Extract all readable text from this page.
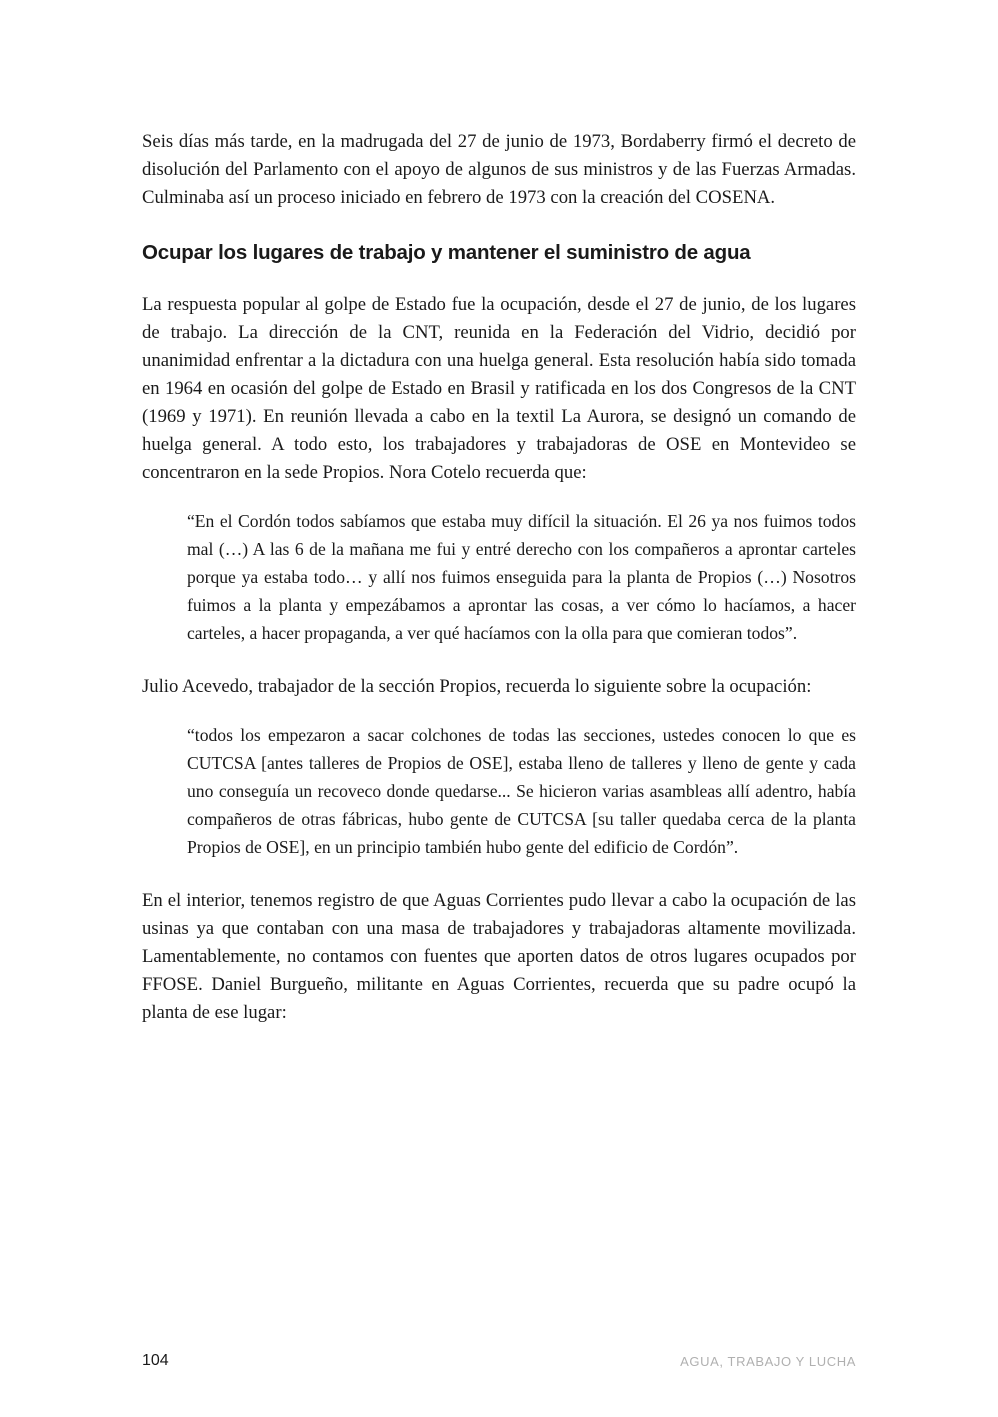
Seis días más tarde, en la madrugada del 27 de junio de 1973, Bordaberry firmó el decreto de disolución del Parlamento con el apoyo de algunos de sus ministros y de las Fuerzas Armadas. Culminaba así un proceso iniciado en febrero de 1973 con la creación del COSENA.

Ocupar los lugares de trabajo y mantener el suministro de agua

La respuesta popular al golpe de Estado fue la ocupación, desde el 27 de junio, de los lugares de trabajo. La dirección de la CNT, reunida en la Federación del Vidrio, decidió por unanimidad enfrentar a la dictadura con una huelga general. Esta resolución había sido tomada en 1964 en ocasión del golpe de Estado en Brasil y ratificada en los dos Congresos de la CNT (1969 y 1971). En reunión llevada a cabo en la textil La Aurora, se designó un comando de huelga general. A todo esto, los trabajadores y trabajadoras de OSE en Montevideo se concentraron en la sede Propios. Nora Cotelo recuerda que:

“En el Cordón todos sabíamos que estaba muy difícil la situación. El 26 ya nos fuimos todos mal (…) A las 6 de la mañana me fui y entré derecho con los compañeros a aprontar carteles porque ya estaba todo… y allí nos fuimos enseguida para la planta de Propios (…) Nosotros fuimos a la planta y empezábamos a aprontar las cosas, a ver cómo lo hacíamos, a hacer carteles, a hacer propaganda, a ver qué hacíamos con la olla para que comieran todos”.

Julio Acevedo, trabajador de la sección Propios, recuerda lo siguiente sobre la ocupación:

“todos los empezaron a sacar colchones de todas las secciones, ustedes conocen lo que es CUTCSA [antes talleres de Propios de OSE], estaba lleno de talleres y lleno de gente y cada uno conseguía un recoveco donde quedarse... Se hicieron varias asambleas allí adentro, había compañeros de otras fábricas, hubo gente de CUTCSA [su taller quedaba cerca de la planta Propios de OSE], en un principio también hubo gente del edificio de Cordón”.

En el interior, tenemos registro de que Aguas Corrientes pudo llevar a cabo la ocupación de las usinas ya que contaban con una masa de trabajadores y trabajadoras altamente movilizada. Lamentablemente, no contamos con fuentes que aporten datos de otros lugares ocupados por FFOSE. Daniel Burgueño, militante en Aguas Corrientes, recuerda que su padre ocupó la planta de ese lugar:

104	AGUA, TRABAJO Y LUCHA
